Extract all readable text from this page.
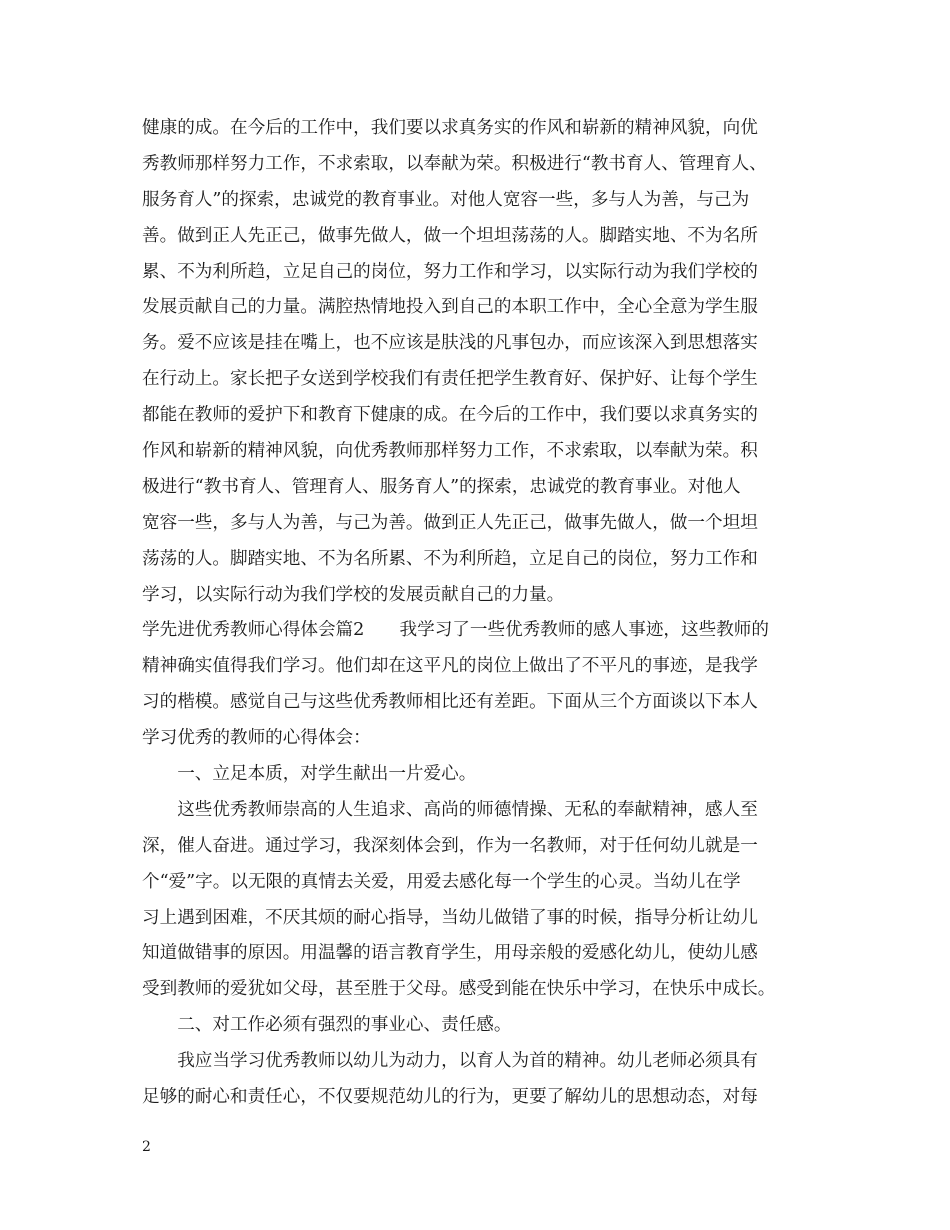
健康的成。在今后的工作中，我们要以求真务实的作风和崭新的精神风貌，向优
秀教师那样努力工作，不求索取，以奉献为荣。积极进行“教书育人、管理育人、
服务育人”的探索，忠诚党的教育事业。对他人宽容一些，多与人为善，与己为
善。做到正人先正己，做事先做人，做一个坦坦荡荡的人。脚踏实地、不为名所
累、不为利所趋，立足自己的岗位，努力工作和学习，以实际行动为我们学校的
发展贡献自己的力量。满腔热情地投入到自己的本职工作中，全心全意为学生服
务。爱不应该是挂在嘴上，也不应该是肤浅的凡事包办，而应该深入到思想落实
在行动上。家长把子女送到学校我们有责任把学生教育好、保护好、让每个学生
都能在教师的爱护下和教育下健康的成。在今后的工作中，我们要以求真务实的
作风和崭新的精神风貌，向优秀教师那样努力工作，不求索取，以奉献为荣。积
极进行“教书育人、管理育人、服务育人”的探索，忠诚党的教育事业。对他人
宽容一些，多与人为善，与己为善。做到正人先正己，做事先做人，做一个坦坦
荡荡的人。脚踏实地、不为名所累、不为利所趋，立足自己的岗位，努力工作和
学习，以实际行动为我们学校的发展贡献自己的力量。
学先进优秀教师心得体会篇2　　我学习了一些优秀教师的感人事迹，这些教师的
精神确实值得我们学习。他们却在这平凡的岗位上做出了不平凡的事迹，是我学
习的楷模。感觉自己与这些优秀教师相比还有差距。下面从三个方面谈以下本人
学习优秀的教师的心得体会：
　　一、立足本质，对学生献出一片爱心。
　　这些优秀教师崇高的人生追求、高尚的师德情操、无私的奉献精神，感人至
深，催人奋进。通过学习，我深刻体会到，作为一名教师，对于任何幼儿就是一
个“爱”字。以无限的真情去关爱，用爱去感化每一个学生的心灵。当幼儿在学
习上遇到困难，不厌其烦的耐心指导，当幼儿做错了事的时候，指导分析让幼儿
知道做错事的原因。用温馨的语言教育学生，用母亲般的爱感化幼儿，使幼儿感
受到教师的爱犹如父母，甚至胜于父母。感受到能在快乐中学习，在快乐中成长。
　　二、对工作必须有强烈的事业心、责任感。
　　我应当学习优秀教师以幼儿为动力，以育人为首的精神。幼儿老师必须具有
足够的耐心和责任心，不仅要规范幼儿的行为，更要了解幼儿的思想动态，对每
2
